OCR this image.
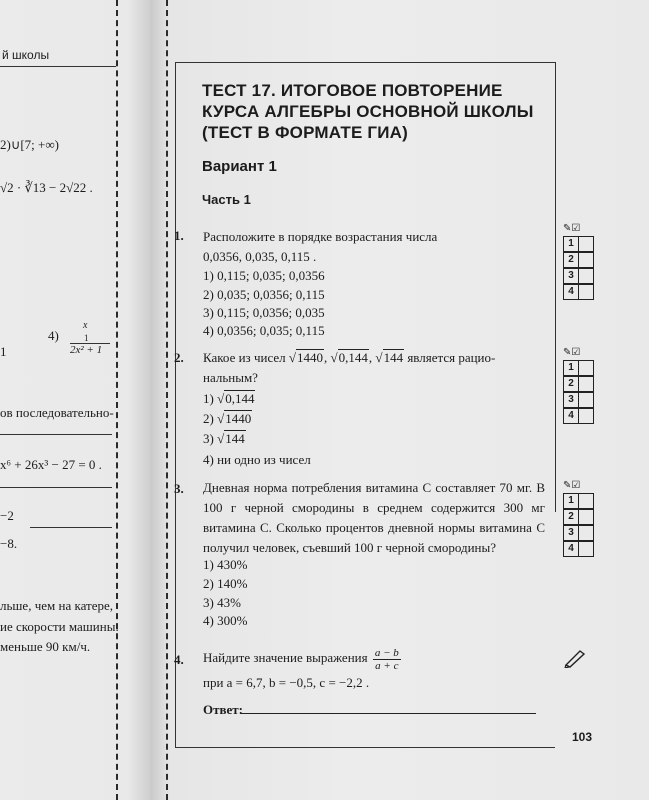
й школы
2)∪[7; +∞)
√2 · ∛13 − 2√22 .
4)
x
1
2x² + 1
1
ов последовательно-
x⁶ + 26x³ − 27 = 0 .
−2
−8.
льше, чем на катере,
ие скорости машины.
меньше 90 км/ч.
ТЕСТ 17. ИТОГОВОЕ ПОВТОРЕНИЕ КУРСА АЛГЕБРЫ ОСНОВНОЙ ШКОЛЫ (ТЕСТ В ФОРМАТЕ ГИА)
Вариант 1
Часть 1
1. Расположите в порядке возрастания числа
0,0356, 0,035, 0,115 .
1) 0,115; 0,035; 0,0356
2) 0,035; 0,0356; 0,115
3) 0,115; 0,0356; 0,035
4) 0,0356; 0,035; 0,115
✎☑
1
2
3
4
2. Какое из чисел √1440, √0,144, √144 является рацио-
нальным?
1) √0,144
2) √1440
3) √144
4) ни одно из чисел
✎☑
1
2
3
4
3. Дневная норма потребления витамина С составляет 70 мг. В 100 г черной смородины в среднем содержится 300 мг витамина С. Сколько процентов дневной нормы витамина С получил человек, съевший 100 г черной смородины?
1) 430%
2) 140%
3) 43%
4) 300%
✎☑
1
2
3
4
4. Найдите значение выражения $\frac{a - b}{a + c}$
при a = 6,7, b = −0,5, c = −2,2 .
Ответ:
103
